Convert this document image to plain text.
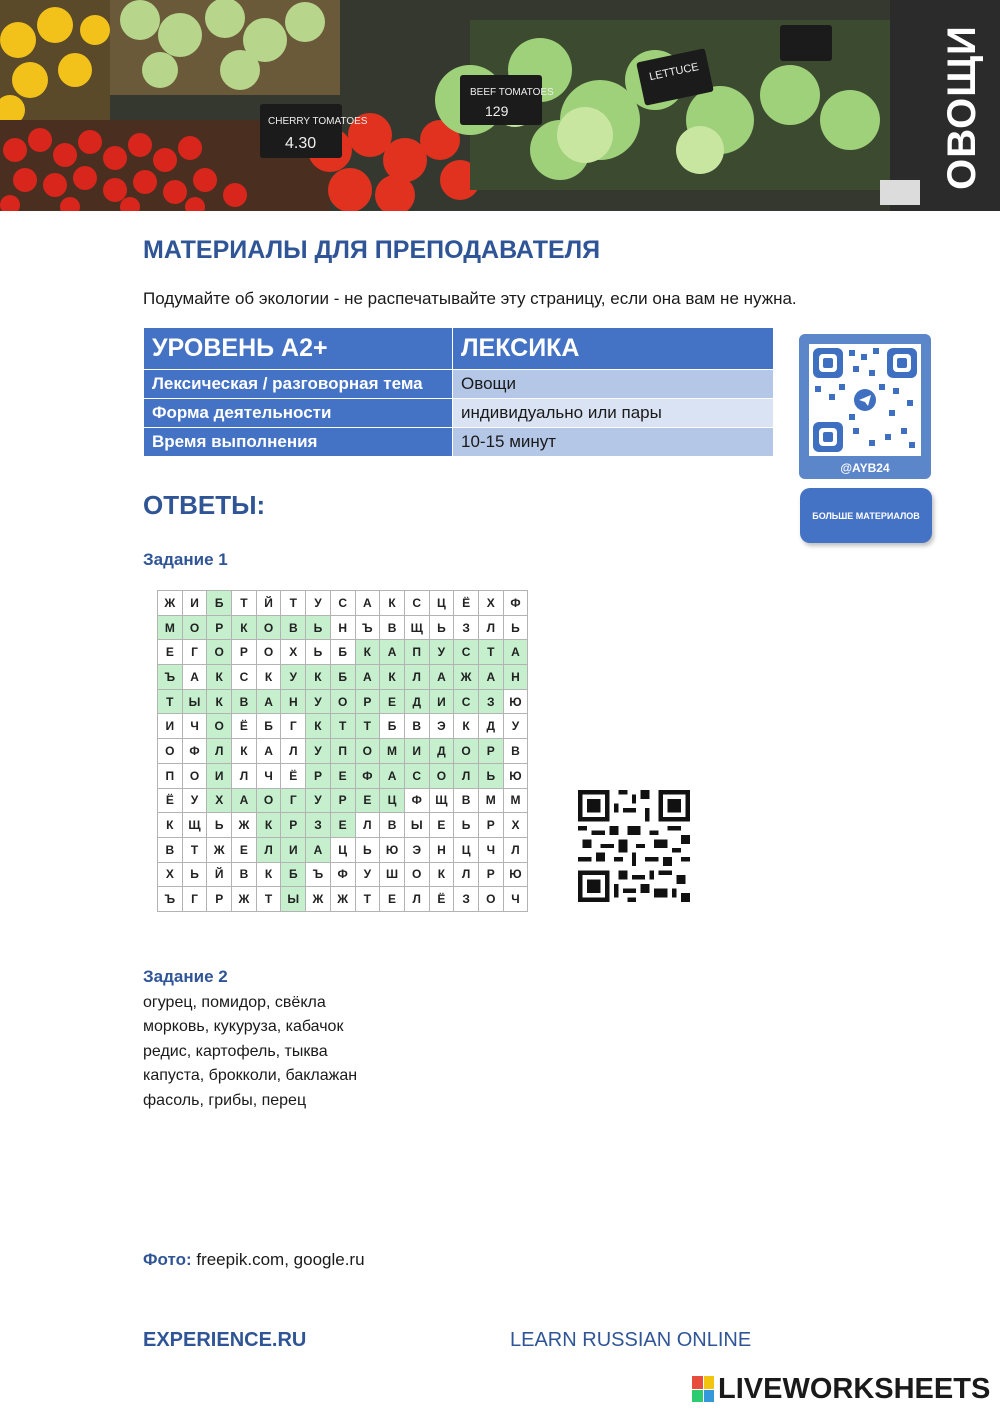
CHERRY TOMATOES
4.30
BEEF TOMATOES
129
LETTUCE	ОВОЩИ
МАТЕРИАЛЫ ДЛЯ ПРЕПОДАВАТЕЛЯ
Подумайте об экологии - не распечатывайте эту страницу, если она вам не нужна.
УРОВЕНЬ А2+	ЛЕКСИКА
Лексическая / разговорная тема	Овощи
Форма деятельности	индивидуально или пары
Время выполнения	10-15 минут
@AYB24
БОЛЬШЕ МАТЕРИАЛОВ
ОТВЕТЫ:
Задание 1
Ж	И	Б	Т	Й	Т	У	С	А	К	С	Ц	Ё	Х	Ф
М	О	Р	К	О	В	Ь	Н	Ъ	В	Щ	Ь	З	Л	Ь
Е	Г	О	Р	О	Х	Ь	Б	К	А	П	У	С	Т	А
Ъ	А	К	С	К	У	К	Б	А	К	Л	А	Ж	А	Н
Т	Ы	К	В	А	Н	У	О	Р	Е	Д	И	С	З	Ю
И	Ч	О	Ё	Б	Г	К	Т	Т	Б	В	Э	К	Д	У
О	Ф	Л	К	А	Л	У	П	О	М	И	Д	О	Р	В
П	О	И	Л	Ч	Ё	Р	Е	Ф	А	С	О	Л	Ь	Ю
Ё	У	Х	А	О	Г	У	Р	Е	Ц	Ф	Щ	В	М	М
К	Щ	Ь	Ж	К	Р	З	Е	Л	В	Ы	Е	Ь	Р	Х
В	Т	Ж	Е	Л	И	А	Ц	Ь	Ю	Э	Н	Ц	Ч	Л
Х	Ь	Й	В	К	Б	Ъ	Ф	У	Ш	О	К	Л	Р	Ю
Ъ	Г	Р	Ж	Т	Ы	Ж	Ж	Т	Е	Л	Ё	З	О	Ч
Задание 2
огурец, помидор, свёкла
морковь, кукуруза, кабачок
редис, картофель, тыква
капуста, брокколи, баклажан
фасоль, грибы, перец
Фото: freepik.com, google.ru
EXPERIENCE.RU	LEARN RUSSIAN ONLINE
LIVEWORKSHEETS
